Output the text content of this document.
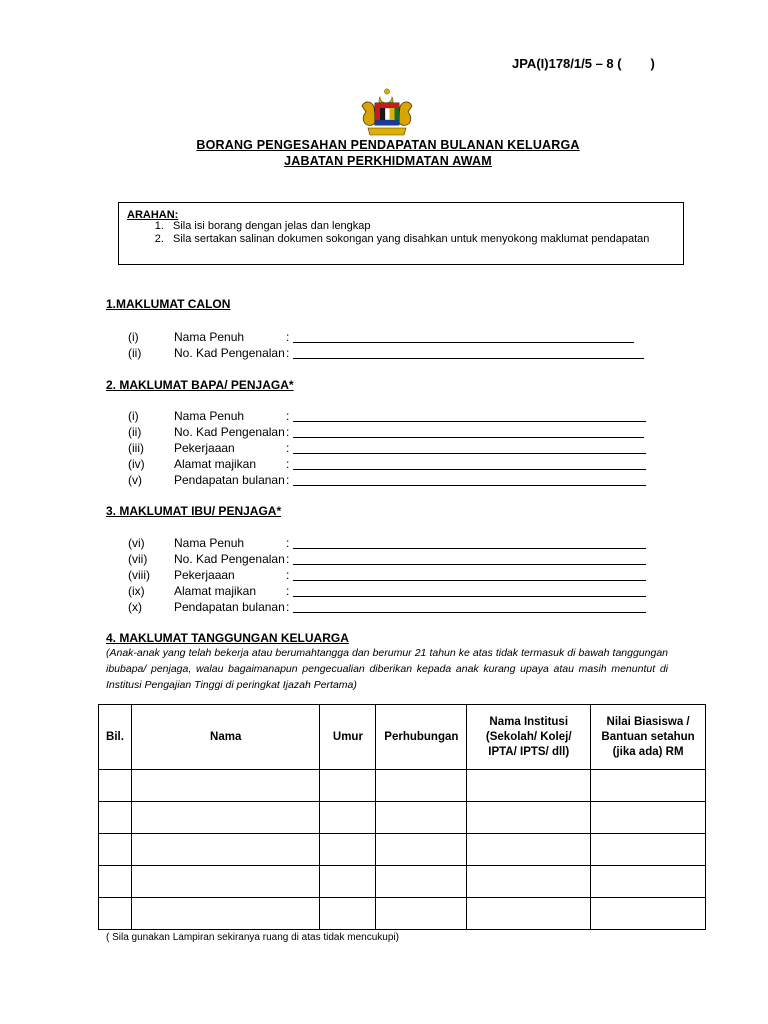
JPA(I)178/1/5 – 8 (        )
BORANG PENGESAHAN PENDAPATAN BULANAN KELUARGA
JABATAN PERKHIDMATAN AWAM
ARAHAN:
1. Sila isi borang dengan jelas dan lengkap
2. Sila sertakan salinan dokumen sokongan yang disahkan untuk menyokong maklumat pendapatan
1.MAKLUMAT CALON
(i)	Nama Penuh	:
(ii)	No. Kad Pengenalan :
2. MAKLUMAT BAPA/ PENJAGA*
(i)	Nama Penuh	:
(ii)	No. Kad Pengenalan :
(iii)	Pekerjaaan	:
(iv) Alamat majikan :
(v)	Pendapatan bulanan :
3. MAKLUMAT IBU/ PENJAGA*
(vi) Nama Penuh	:
(vii) No. Kad Pengenalan :
(viii) Pekerjaaan	:
(ix) Alamat majikan :
(x)	Pendapatan bulanan :
4. MAKLUMAT TANGGUNGAN KELUARGA
(Anak-anak yang telah bekerja atau berumahtangga dan berumur 21 tahun ke atas tidak termasuk di bawah tanggungan ibubapa/ penjaga, walau bagaimanapun pengecualian diberikan kepada anak kurang upaya atau masih menuntut di Institusi Pengajian Tinggi di peringkat Ijazah Pertama)
Bil.	Nama	Umur	Perhubungan	Nama Institusi (Sekolah/ Kolej/ IPTA/ IPTS/ dll)	Nilai Biasiswa / Bantuan setahun (jika ada) RM

( Sila gunakan Lampiran sekiranya ruang di atas tidak mencukupi)
